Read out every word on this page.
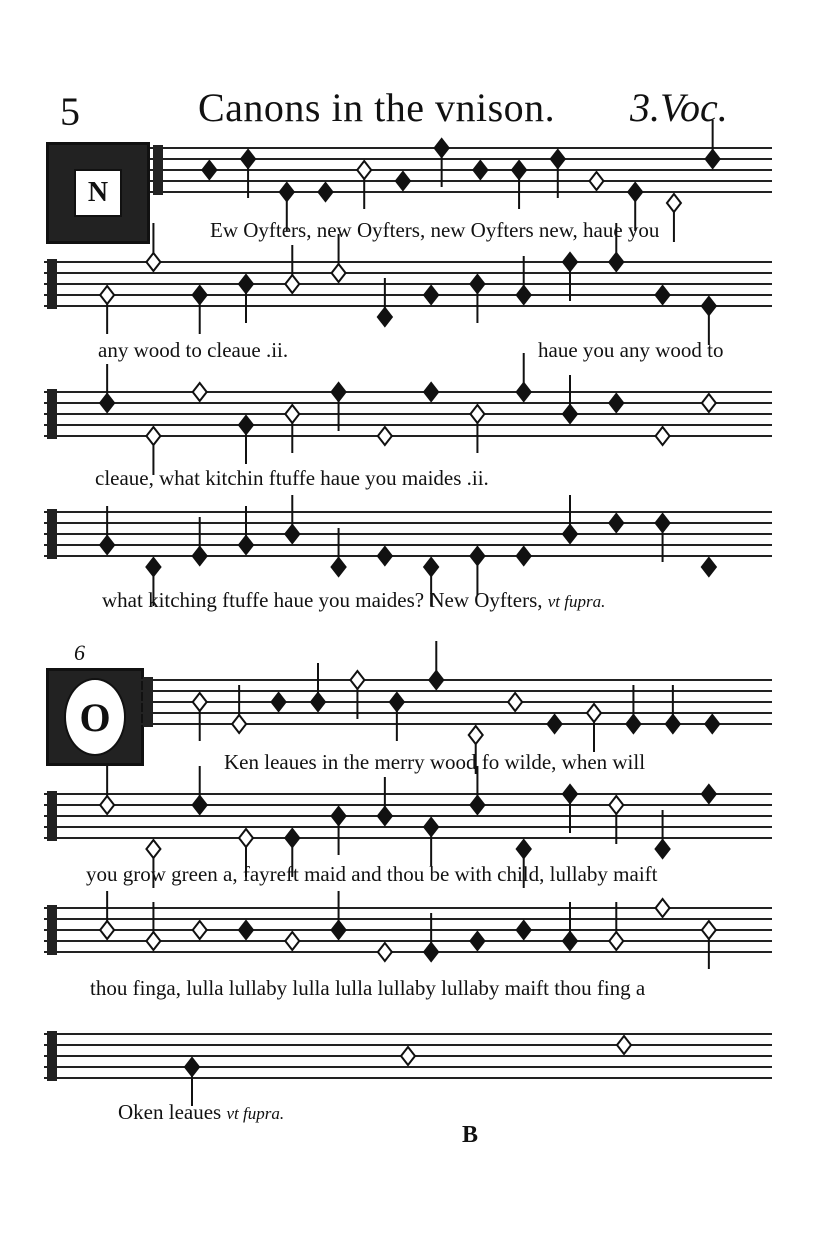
5	Canons in the vnison. 3.Voc.
N
6
O
Ew Oyfters, new Oyfters, new Oyfters new, haue you
any wood to cleaue .ii.	haue you any wood to
cleaue, what kitchin ftuffe haue you maides .ii.
what kitching ftuffe haue you maides? New Oyfters, vt fupra.
Ken leaues in the merry wood fo wilde, when will
you grow green a, fayreft maid and thou be with child, lullaby maift
thou finga, lulla lullaby lulla lulla lullaby lullaby maift thou fing a
Oken leaues vt fupra.
B
